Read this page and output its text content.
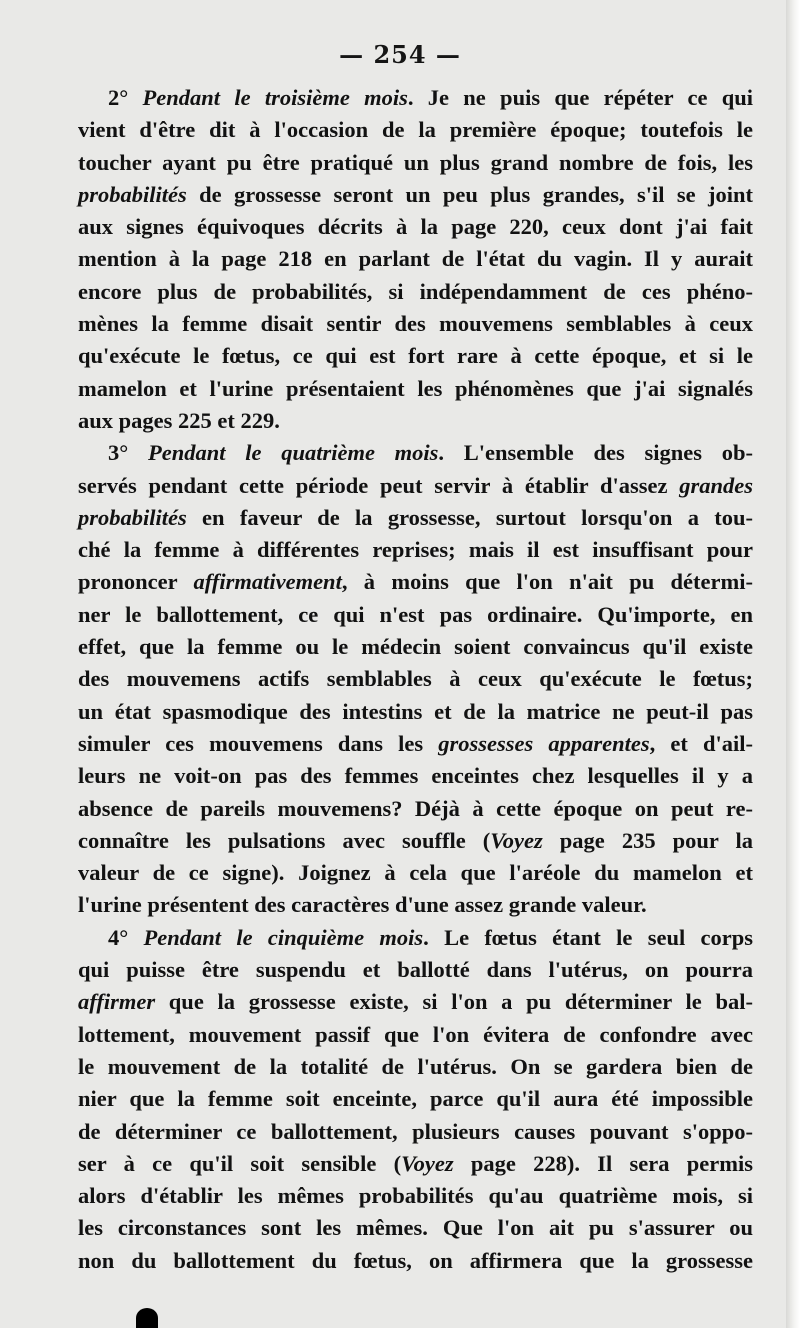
— 254 —
2° Pendant le troisième mois. Je ne puis que répéter ce qui
vient d'être dit à l'occasion de la première époque; toutefois le
toucher ayant pu être pratiqué un plus grand nombre de fois, les
probabilités de grossesse seront un peu plus grandes, s'il se joint
aux signes équivoques décrits à la page 220, ceux dont j'ai fait
mention à la page 218 en parlant de l'état du vagin. Il y aurait
encore plus de probabilités, si indépendamment de ces phéno-
mènes la femme disait sentir des mouvemens semblables à ceux
qu'exécute le fœtus, ce qui est fort rare à cette époque, et si le
mamelon et l'urine présentaient les phénomènes que j'ai signalés
aux pages 225 et 229.
3° Pendant le quatrième mois. L'ensemble des signes ob-
servés pendant cette période peut servir à établir d'assez grandes
probabilités en faveur de la grossesse, surtout lorsqu'on a tou-
ché la femme à différentes reprises; mais il est insuffisant pour
prononcer affirmativement, à moins que l'on n'ait pu détermi-
ner le ballottement, ce qui n'est pas ordinaire. Qu'importe, en
effet, que la femme ou le médecin soient convaincus qu'il existe
des mouvemens actifs semblables à ceux qu'exécute le fœtus;
un état spasmodique des intestins et de la matrice ne peut-il pas
simuler ces mouvemens dans les grossesses apparentes, et d'ail-
leurs ne voit-on pas des femmes enceintes chez lesquelles il y a
absence de pareils mouvemens? Déjà à cette époque on peut re-
connaître les pulsations avec souffle (Voyez page 235 pour la
valeur de ce signe). Joignez à cela que l'aréole du mamelon et
l'urine présentent des caractères d'une assez grande valeur.
4° Pendant le cinquième mois. Le fœtus étant le seul corps
qui puisse être suspendu et ballotté dans l'utérus, on pourra
affirmer que la grossesse existe, si l'on a pu déterminer le bal-
lottement, mouvement passif que l'on évitera de confondre avec
le mouvement de la totalité de l'utérus. On se gardera bien de
nier que la femme soit enceinte, parce qu'il aura été impossible
de déterminer ce ballottement, plusieurs causes pouvant s'oppo-
ser à ce qu'il soit sensible (Voyez page 228). Il sera permis
alors d'établir les mêmes probabilités qu'au quatrième mois, si
les circonstances sont les mêmes. Que l'on ait pu s'assurer ou
non du ballottement du fœtus, on affirmera que la grossesse
